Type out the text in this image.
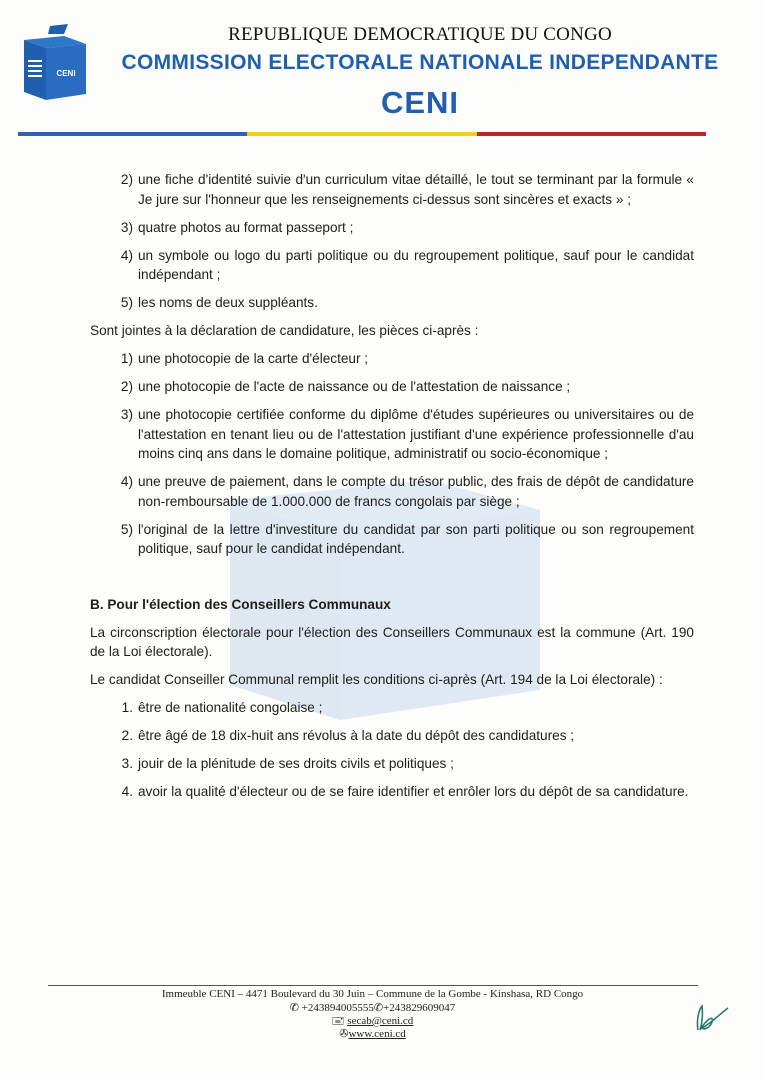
CENI
REPUBLIQUE DEMOCRATIQUE DU CONGO
COMMISSION ELECTORALE NATIONALE INDEPENDANTE
CENI
2) une fiche d'identité suivie d'un curriculum vitae détaillé, le tout se terminant par la formule « Je jure sur l'honneur que les renseignements ci-dessus sont sincères et exacts » ;
3) quatre photos au format passeport ;
4) un symbole ou logo du parti politique ou du regroupement politique, sauf pour le candidat indépendant ;
5) les noms de deux suppléants.
Sont jointes à la déclaration de candidature, les pièces ci-après :
1) une photocopie de la carte d'électeur ;
2) une photocopie de l'acte de naissance ou de l'attestation de naissance ;
3) une photocopie certifiée conforme du diplôme d'études supérieures ou universitaires ou de l'attestation en tenant lieu ou de l'attestation justifiant d'une expérience professionnelle d'au moins cinq ans dans le domaine politique, administratif ou socio-économique ;
4) une preuve de paiement, dans le compte du trésor public, des frais de dépôt de candidature non-remboursable de 1.000.000 de francs congolais par siège ;
5) l'original de la lettre d'investiture du candidat par son parti politique ou son regroupement politique, sauf pour le candidat indépendant.
B. Pour l'élection des Conseillers Communaux
La circonscription électorale pour l'élection des Conseillers Communaux est la commune (Art. 190 de la Loi électorale).
Le candidat Conseiller Communal remplit les conditions ci-après (Art. 194 de la Loi électorale) :
1. être de nationalité congolaise ;
2. être âgé de 18 dix-huit ans révolus à la date du dépôt des candidatures ;
3. jouir de la plénitude de ses droits civils et politiques ;
4. avoir la qualité d'électeur ou de se faire identifier et enrôler lors du dépôt de sa candidature.
Immeuble CENI – 4471 Boulevard du 30 Juin – Commune de la Gombe - Kinshasa, RD Congo
✆ +243894005555✆+243829609047
🖃 secab@ceni.cd
✇www.ceni.cd
